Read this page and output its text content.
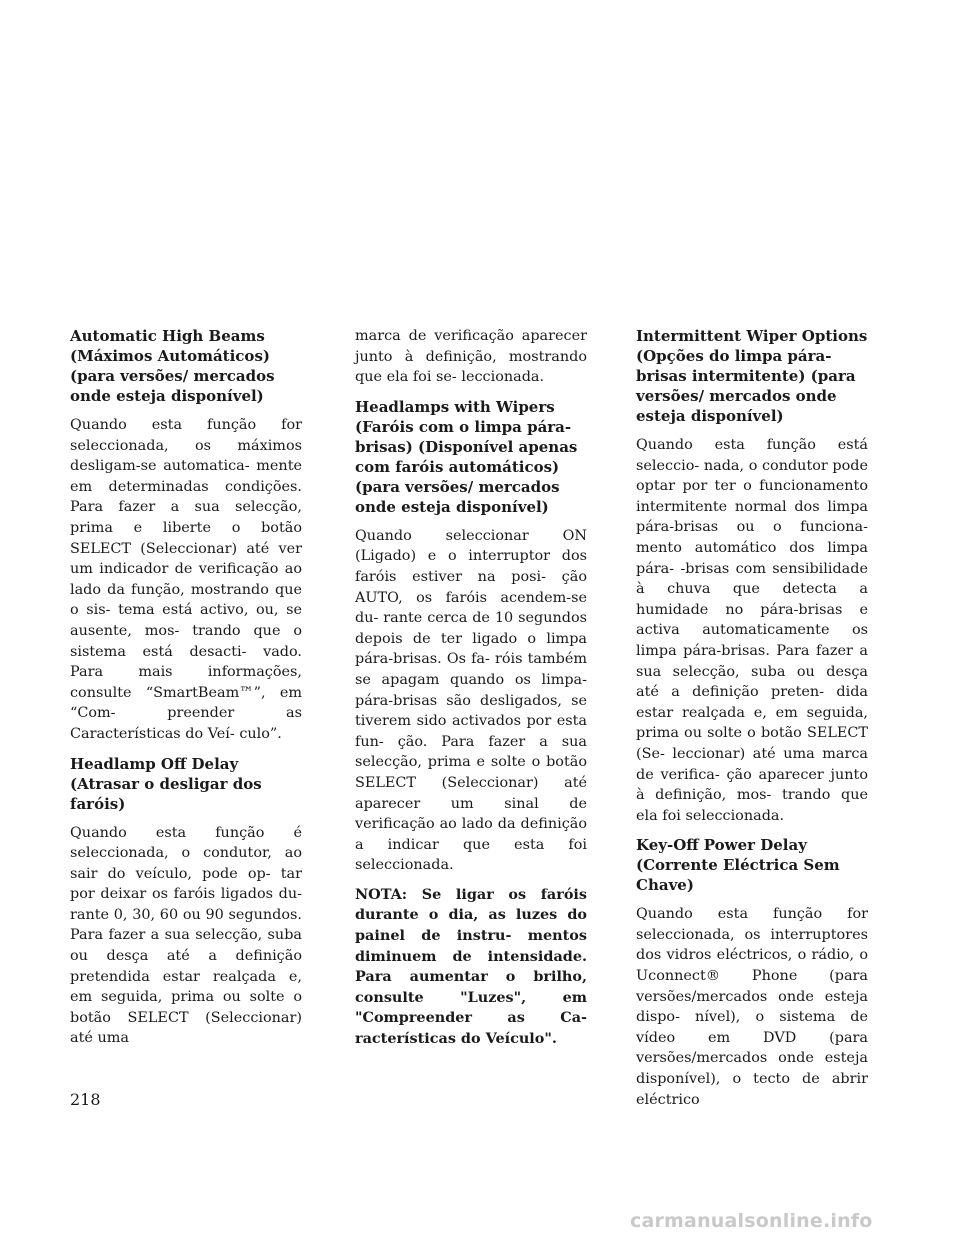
Automatic High Beams (Máximos Automáticos) (para versões/ mercados onde esteja disponível)
Quando esta função for seleccionada, os máximos desligam-se automatica- mente em determinadas condições. Para fazer a sua selecção, prima e liberte o botão SELECT (Seleccionar) até ver um indicador de verificação ao lado da função, mostrando que o sis- tema está activo, ou, se ausente, mos- trando que o sistema está desacti- vado. Para mais informações, consulte “SmartBeam™”, em “Com- preender as Características do Veí- culo”.
Headlamp Off Delay (Atrasar o desligar dos faróis)
Quando esta função é seleccionada, o condutor, ao sair do veículo, pode op- tar por deixar os faróis ligados du- rante 0, 30, 60 ou 90 segundos. Para fazer a sua selecção, suba ou desça até a definição pretendida estar realçada e, em seguida, prima ou solte o botão SELECT (Seleccionar) até uma
marca de verificação aparecer junto à definição, mostrando que ela foi se- leccionada.
Headlamps with Wipers (Faróis com o limpa pára-brisas) (Disponível apenas com faróis automáticos) (para versões/ mercados onde esteja disponível)
Quando seleccionar ON (Ligado) e o interruptor dos faróis estiver na posi- ção AUTO, os faróis acendem-se du- rante cerca de 10 segundos depois de ter ligado o limpa pára-brisas. Os fa- róis também se apagam quando os limpa-pára-brisas são desligados, se tiverem sido activados por esta fun- ção. Para fazer a sua selecção, prima e solte o botão SELECT (Seleccionar) até aparecer um sinal de verificação ao lado da definição a indicar que esta foi seleccionada.
NOTA: Se ligar os faróis durante o dia, as luzes do painel de instru- mentos diminuem de intensidade. Para aumentar o brilho, consulte "Luzes", em "Compreender as Ca- racterísticas do Veículo".
Intermittent Wiper Options (Opções do limpa pára-brisas intermitente) (para versões/ mercados onde esteja disponível)
Quando esta função está seleccio- nada, o condutor pode optar por ter o funcionamento intermitente normal dos limpa pára-brisas ou o funciona- mento automático dos limpa pára- -brisas com sensibilidade à chuva que detecta a humidade no pára-brisas e activa automaticamente os limpa pára-brisas. Para fazer a sua selecção, suba ou desça até a definição preten- dida estar realçada e, em seguida, prima ou solte o botão SELECT (Se- leccionar) até uma marca de verifica- ção aparecer junto à definição, mos- trando que ela foi seleccionada.
Key-Off Power Delay (Corrente Eléctrica Sem Chave)
Quando esta função for seleccionada, os interruptores dos vidros eléctricos, o rádio, o Uconnect® Phone (para versões/mercados onde esteja dispo- nível), o sistema de vídeo em DVD (para versões/mercados onde esteja disponível), o tecto de abrir eléctrico
218
carmanualsonline.info
